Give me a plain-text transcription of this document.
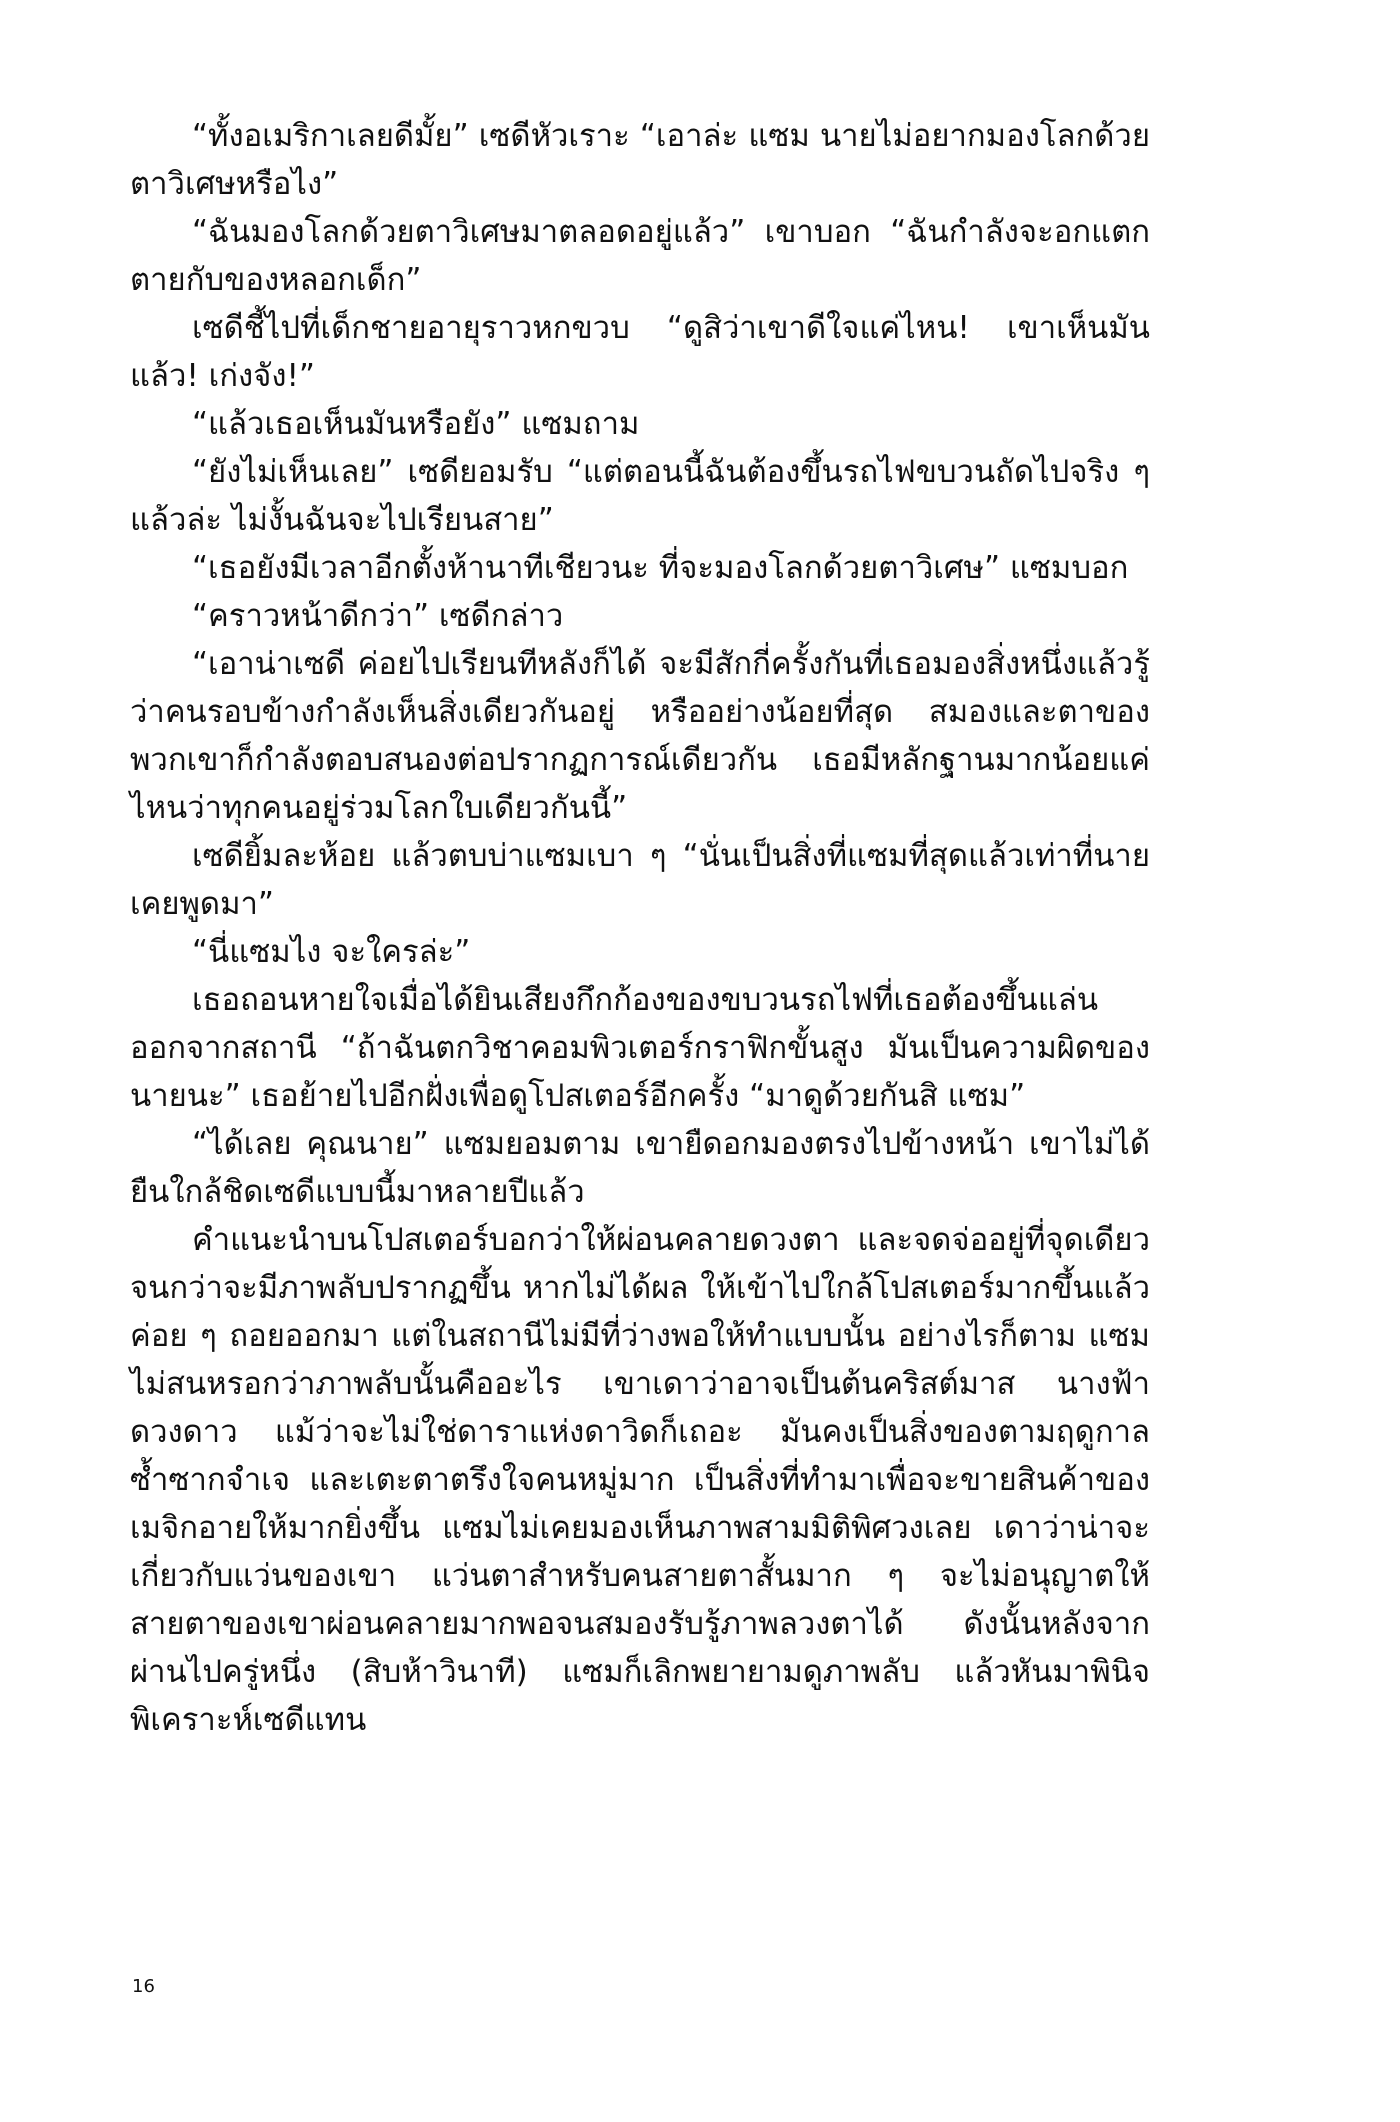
“ทั้งอเมริกาเลยดีมั้ย” เซดีหัวเราะ “เอาล่ะ แซม นายไม่อยากมองโลกด้วยตาวิเศษหรือไง”

“ฉันมองโลกด้วยตาวิเศษมาตลอดอยู่แล้ว” เขาบอก “ฉันกำลังจะอกแตกตายกับของหลอกเด็ก”

เซดีชี้ไปที่เด็กชายอายุราวหกขวบ “ดูสิว่าเขาดีใจแค่ไหน! เขาเห็นมันแล้ว! เก่งจัง!”

“แล้วเธอเห็นมันหรือยัง” แซมถาม

“ยังไม่เห็นเลย” เซดียอมรับ “แต่ตอนนี้ฉันต้องขึ้นรถไฟขบวนถัดไปจริง ๆ แล้วล่ะ ไม่งั้นฉันจะไปเรียนสาย”

“เธอยังมีเวลาอีกตั้งห้านาทีเชียวนะ ที่จะมองโลกด้วยตาวิเศษ” แซมบอก

“คราวหน้าดีกว่า” เซดีกล่าว

“เอาน่าเซดี ค่อยไปเรียนทีหลังก็ได้ จะมีสักกี่ครั้งกันที่เธอมองสิ่งหนึ่งแล้วรู้ว่าคนรอบข้างกำลังเห็นสิ่งเดียวกันอยู่ หรืออย่างน้อยที่สุด สมองและตาของพวกเขาก็กำลังตอบสนองต่อปรากฏการณ์เดียวกัน เธอมีหลักฐานมากน้อยแค่ไหนว่าทุกคนอยู่ร่วมโลกใบเดียวกันนี้”

เซดียิ้มละห้อย แล้วตบบ่าแซมเบา ๆ “นั่นเป็นสิ่งที่แซมที่สุดแล้วเท่าที่นายเคยพูดมา”

“นี่แซมไง จะใครล่ะ”

เธอถอนหายใจเมื่อได้ยินเสียงกึกก้องของขบวนรถไฟที่เธอต้องขึ้นแล่นออกจากสถานี “ถ้าฉันตกวิชาคอมพิวเตอร์กราฟิกขั้นสูง มันเป็นความผิดของนายนะ” เธอย้ายไปอีกฝั่งเพื่อดูโปสเตอร์อีกครั้ง “มาดูด้วยกันสิ แซม”

“ได้เลย คุณนาย” แซมยอมตาม เขายืดอกมองตรงไปข้างหน้า เขาไม่ได้ยืนใกล้ชิดเซดีแบบนี้มาหลายปีแล้ว

คำแนะนำบนโปสเตอร์บอกว่าให้ผ่อนคลายดวงตา และจดจ่ออยู่ที่จุดเดียวจนกว่าจะมีภาพลับปรากฏขึ้น หากไม่ได้ผล ให้เข้าไปใกล้โปสเตอร์มากขึ้นแล้วค่อย ๆ ถอยออกมา แต่ในสถานีไม่มีที่ว่างพอให้ทำแบบนั้น อย่างไรก็ตาม แซมไม่สนหรอกว่าภาพลับนั้นคืออะไร เขาเดาว่าอาจเป็นต้นคริสต์มาส นางฟ้า ดวงดาว แม้ว่าจะไม่ใช่ดาราแห่งดาวิดก็เถอะ มันคงเป็นสิ่งของตามฤดูกาลซ้ำซากจำเจ และเตะตาตรึงใจคนหมู่มาก เป็นสิ่งที่ทำมาเพื่อจะขายสินค้าของเมจิกอายให้มากยิ่งขึ้น แซมไม่เคยมองเห็นภาพสามมิติพิศวงเลย เดาว่าน่าจะเกี่ยวกับแว่นของเขา แว่นตาสำหรับคนสายตาสั้นมาก ๆ จะไม่อนุญาตให้สายตาของเขาผ่อนคลายมากพอจนสมองรับรู้ภาพลวงตาได้ ดังนั้นหลังจากผ่านไปครู่หนึ่ง (สิบห้าวินาที) แซมก็เลิกพยายามดูภาพลับ แล้วหันมาพินิจพิเคราะห์เซดีแทน

16
